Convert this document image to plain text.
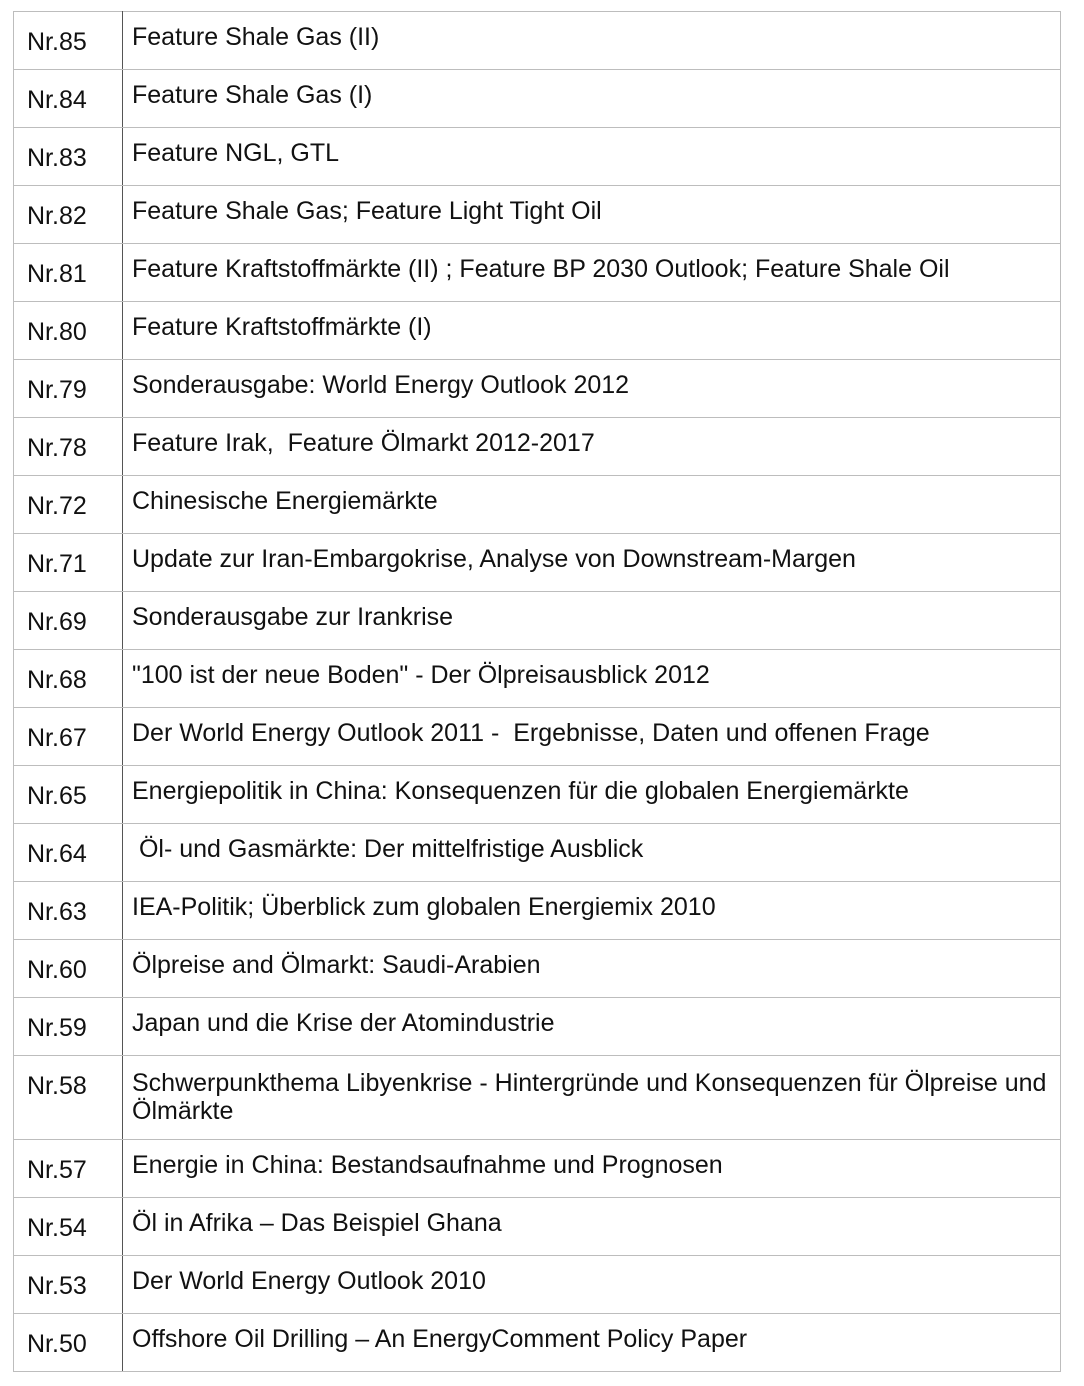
Nr.85	Feature Shale Gas (II)
Nr.84	Feature Shale Gas (I)
Nr.83	Feature NGL, GTL
Nr.82	Feature Shale Gas; Feature Light Tight Oil
Nr.81	Feature Kraftstoffmärkte (II) ; Feature BP 2030 Outlook; Feature Shale Oil
Nr.80	Feature Kraftstoffmärkte (I)
Nr.79	Sonderausgabe: World Energy Outlook 2012
Nr.78	Feature Irak,  Feature Ölmarkt 2012-2017
Nr.72	Chinesische Energiemärkte
Nr.71	Update zur Iran-Embargokrise, Analyse von Downstream-Margen
Nr.69	Sonderausgabe zur Irankrise
Nr.68	"100 ist der neue Boden" - Der Ölpreisausblick 2012
Nr.67	Der World Energy Outlook 2011 -  Ergebnisse, Daten und offenen Frage
Nr.65	Energiepolitik in China: Konsequenzen für die globalen Energiemärkte
Nr.64	Öl- und Gasmärkte: Der mittelfristige Ausblick
Nr.63	IEA-Politik; Überblick zum globalen Energiemix 2010
Nr.60	Ölpreise and Ölmarkt: Saudi-Arabien
Nr.59	Japan und die Krise der Atomindustrie
Nr.58	Schwerpunkthema Libyenkrise - Hintergründe und Konsequenzen für Ölpreise und Ölmärkte
Nr.57	Energie in China: Bestandsaufnahme und Prognosen
Nr.54	Öl in Afrika – Das Beispiel Ghana
Nr.53	Der World Energy Outlook 2010
Nr.50	Offshore Oil Drilling – An EnergyComment Policy Paper
